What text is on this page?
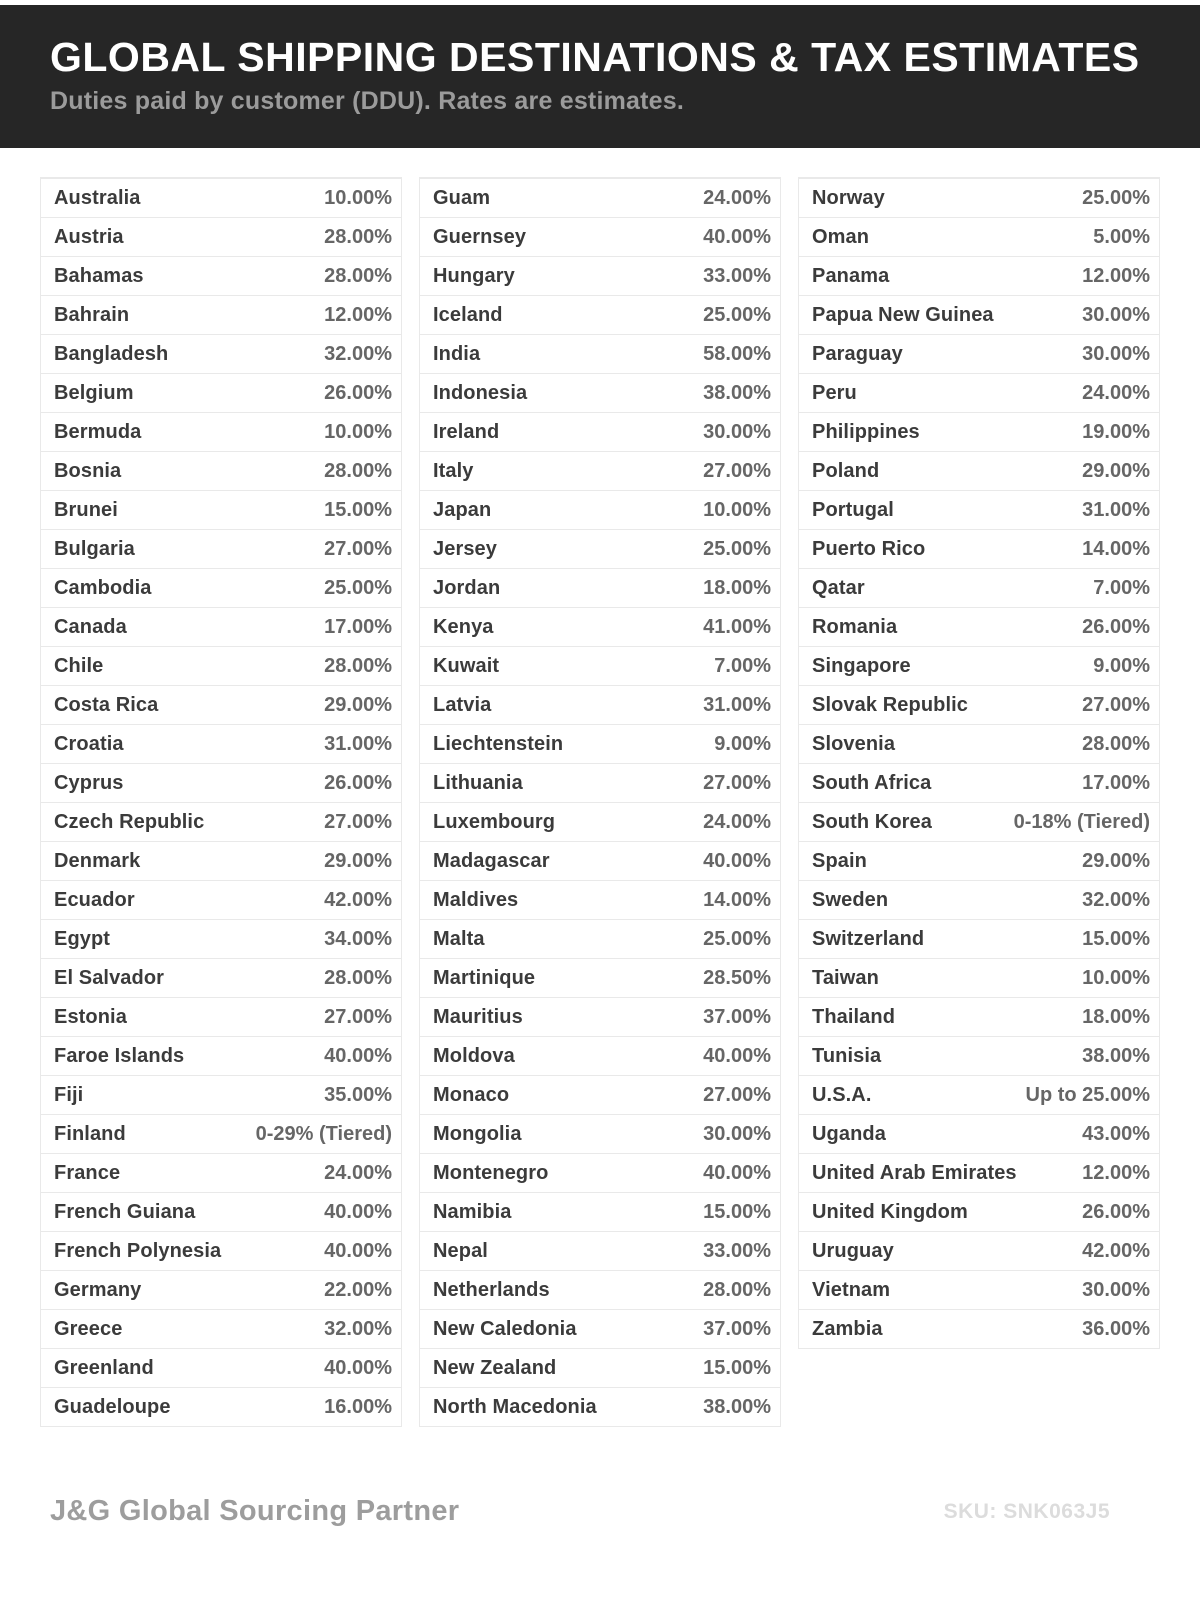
GLOBAL SHIPPING DESTINATIONS & TAX ESTIMATES
Duties paid by customer (DDU). Rates are estimates.
Australia	10.00%
Austria	28.00%
Bahamas	28.00%
Bahrain	12.00%
Bangladesh	32.00%
Belgium	26.00%
Bermuda	10.00%
Bosnia	28.00%
Brunei	15.00%
Bulgaria	27.00%
Cambodia	25.00%
Canada	17.00%
Chile	28.00%
Costa Rica	29.00%
Croatia	31.00%
Cyprus	26.00%
Czech Republic	27.00%
Denmark	29.00%
Ecuador	42.00%
Egypt	34.00%
El Salvador	28.00%
Estonia	27.00%
Faroe Islands	40.00%
Fiji	35.00%
Finland	0-29% (Tiered)
France	24.00%
French Guiana	40.00%
French Polynesia	40.00%
Germany	22.00%
Greece	32.00%
Greenland	40.00%
Guadeloupe	16.00%
Guam	24.00%
Guernsey	40.00%
Hungary	33.00%
Iceland	25.00%
India	58.00%
Indonesia	38.00%
Ireland	30.00%
Italy	27.00%
Japan	10.00%
Jersey	25.00%
Jordan	18.00%
Kenya	41.00%
Kuwait	7.00%
Latvia	31.00%
Liechtenstein	9.00%
Lithuania	27.00%
Luxembourg	24.00%
Madagascar	40.00%
Maldives	14.00%
Malta	25.00%
Martinique	28.50%
Mauritius	37.00%
Moldova	40.00%
Monaco	27.00%
Mongolia	30.00%
Montenegro	40.00%
Namibia	15.00%
Nepal	33.00%
Netherlands	28.00%
New Caledonia	37.00%
New Zealand	15.00%
North Macedonia	38.00%
Norway	25.00%
Oman	5.00%
Panama	12.00%
Papua New Guinea	30.00%
Paraguay	30.00%
Peru	24.00%
Philippines	19.00%
Poland	29.00%
Portugal	31.00%
Puerto Rico	14.00%
Qatar	7.00%
Romania	26.00%
Singapore	9.00%
Slovak Republic	27.00%
Slovenia	28.00%
South Africa	17.00%
South Korea	0-18% (Tiered)
Spain	29.00%
Sweden	32.00%
Switzerland	15.00%
Taiwan	10.00%
Thailand	18.00%
Tunisia	38.00%
U.S.A.	Up to 25.00%
Uganda	43.00%
United Arab Emirates	12.00%
United Kingdom	26.00%
Uruguay	42.00%
Vietnam	30.00%
Zambia	36.00%
J&G Global Sourcing Partner	SKU: SNK063J5
